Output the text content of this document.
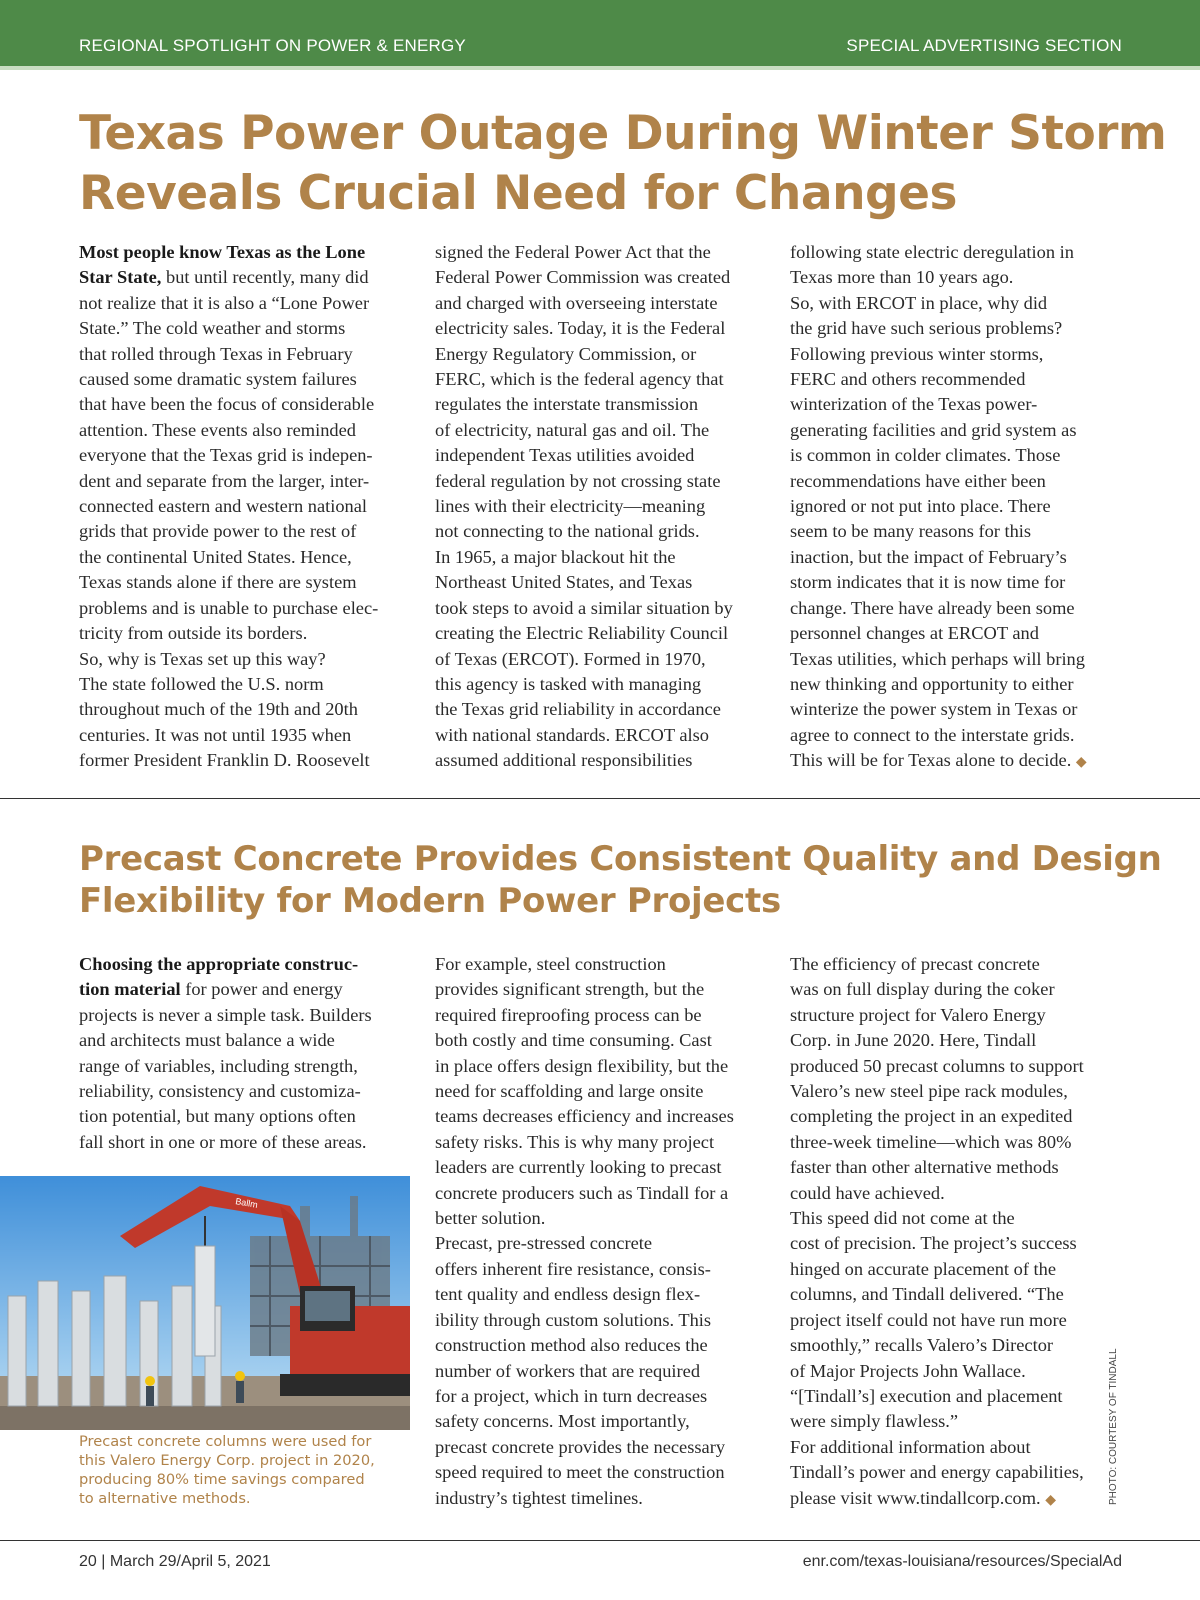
REGIONAL SPOTLIGHT ON POWER & ENERGY	SPECIAL ADVERTISING SECTION
Texas Power Outage During Winter Storm
Reveals Crucial Need for Changes
Most people know Texas as the Lone
Star State, but until recently, many did
not realize that it is also a “Lone Power
State.” The cold weather and storms
that rolled through Texas in February
caused some dramatic system failures
that have been the focus of considerable
attention. These events also reminded
everyone that the Texas grid is indepen-
dent and separate from the larger, inter-
connected eastern and western national
grids that provide power to the rest of
the continental United States. Hence,
Texas stands alone if there are system
problems and is unable to purchase elec-
tricity from outside its borders.
So, why is Texas set up this way?
The state followed the U.S. norm
throughout much of the 19th and 20th
centuries. It was not until 1935 when
former President Franklin D. Roosevelt
signed the Federal Power Act that the
Federal Power Commission was created
and charged with overseeing interstate
electricity sales. Today, it is the Federal
Energy Regulatory Commission, or
FERC, which is the federal agency that
regulates the interstate transmission
of electricity, natural gas and oil. The
independent Texas utilities avoided
federal regulation by not crossing state
lines with their electricity—meaning
not connecting to the national grids.
In 1965, a major blackout hit the
Northeast United States, and Texas
took steps to avoid a similar situation by
creating the Electric Reliability Council
of Texas (ERCOT). Formed in 1970,
this agency is tasked with managing
the Texas grid reliability in accordance
with national standards. ERCOT also
assumed additional responsibilities
following state electric deregulation in
Texas more than 10 years ago.
So, with ERCOT in place, why did
the grid have such serious problems?
Following previous winter storms,
FERC and others recommended
winterization of the Texas power-
generating facilities and grid system as
is common in colder climates. Those
recommendations have either been
ignored or not put into place. There
seem to be many reasons for this
inaction, but the impact of February’s
storm indicates that it is now time for
change. There have already been some
personnel changes at ERCOT and
Texas utilities, which perhaps will bring
new thinking and opportunity to either
winterize the power system in Texas or
agree to connect to the interstate grids.
This will be for Texas alone to decide. ◆
Precast Concrete Provides Consistent Quality and Design
Flexibility for Modern Power Projects
Choosing the appropriate construc-
tion material for power and energy
projects is never a simple task. Builders
and architects must balance a wide
range of variables, including strength,
reliability, consistency and customiza-
tion potential, but many options often
fall short in one or more of these areas.
For example, steel construction
provides significant strength, but the
required fireproofing process can be
both costly and time consuming. Cast
in place offers design flexibility, but the
need for scaffolding and large onsite
teams decreases efficiency and increases
safety risks. This is why many project
leaders are currently looking to precast
concrete producers such as Tindall for a
better solution.
Precast, pre-stressed concrete
offers inherent fire resistance, consis-
tent quality and endless design flex-
ibility through custom solutions. This
construction method also reduces the
number of workers that are required
for a project, which in turn decreases
safety concerns. Most importantly,
precast concrete provides the necessary
speed required to meet the construction
industry’s tightest timelines.
The efficiency of precast concrete
was on full display during the coker
structure project for Valero Energy
Corp. in June 2020. Here, Tindall
produced 50 precast columns to support
Valero’s new steel pipe rack modules,
completing the project in an expedited
three-week timeline—which was 80%
faster than other alternative methods
could have achieved.
This speed did not come at the
cost of precision. The project’s success
hinged on accurate placement of the
columns, and Tindall delivered. “The
project itself could not have run more
smoothly,” recalls Valero’s Director
of Major Projects John Wallace.
“[Tindall’s] execution and placement
were simply flawless.”
For additional information about
Tindall’s power and energy capabilities,
please visit www.tindallcorp.com. ◆
Ballm
Precast concrete columns were used for
this Valero Energy Corp. project in 2020,
producing 80% time savings compared
to alternative methods.	PHOTO: COURTESY OF TINDALL
20 | March 29/April 5, 2021	enr.com/texas-louisiana/resources/SpecialAd
